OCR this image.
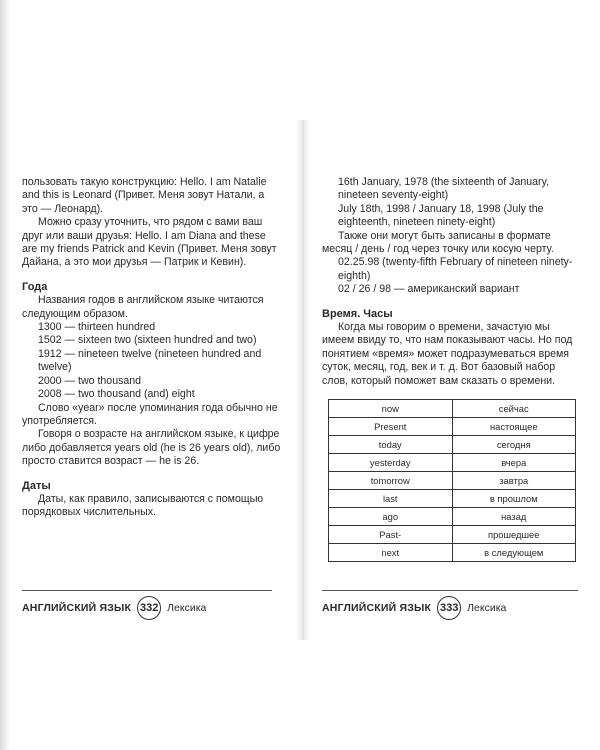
пользовать такую конструкцию: Hello. I am Natalie and this is Leonard (Привет. Меня зовут Натали, а это — Леонард).

Можно сразу уточнить, что рядом с вами ваш друг или ваши друзья: Hello. I am Diana and these are my friends Patrick and Kevin (Привет. Меня зовут Дайана, а это мои друзья — Патрик и Кевин).

Года

Названия годов в английском языке читаются следующим образом.

1300 — thirteen hundred

1502 — sixteen two (sixteen hundred and two)

1912 — nineteen twelve (nineteen hundred and twelve)

2000 — two thousand

2008 — two thousand (and) eight

Слово «year» после упоминания года обычно не употребляется.

Говоря о возрасте на английском языке, к цифре либо добавляется years old (he is 26 years old), либо просто ставится возраст — he is 26.

Даты

Даты, как правило, записываются с помощью порядковых числительных.

16th January, 1978 (the sixteenth of January, nineteen seventy-eight)

July 18th, 1998 / January 18, 1998 (July the eighteenth, nineteen ninety-eight)

Также они могут быть записаны в формате месяц / день / год через точку или косую черту.

02.25.98 (twenty-fifth February of nineteen ninety-eighth)

02 / 26 / 98 — американский вариант

Время. Часы

Когда мы говорим о времени, зачастую мы имеем ввиду то, что нам показывают часы. Но под понятием «время» может подразумеваться время суток, месяц, год, век и т. д. Вот базовый набор слов, который поможет вам сказать о времени.

now	сейчас
Present	настоящее
today	сегодня
yesterday	вчера
tomorrow	завтра
last	в прошлом
ago	назад
Past-	прошедшее
next	в следующем
АНГЛИЙСКИЙ ЯЗЫК 332 Лексика	АНГЛИЙСКИЙ ЯЗЫК 333 Лексика
